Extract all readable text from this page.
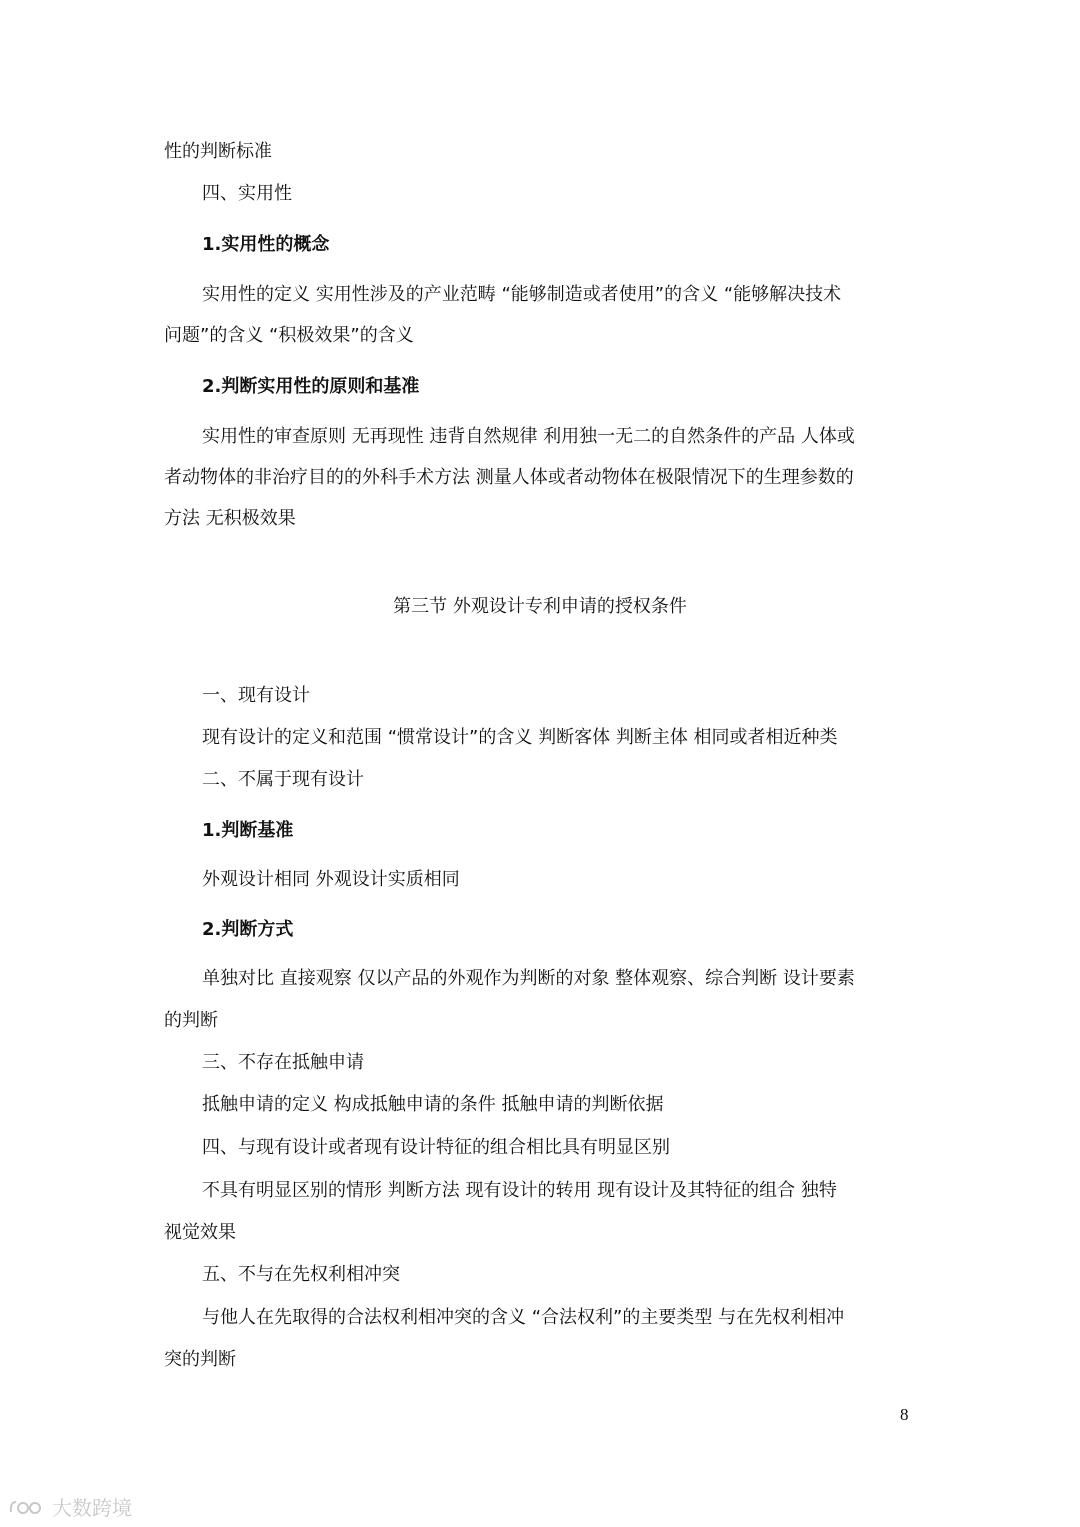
性的判断标准
四、实用性
1.实用性的概念
实用性的定义 实用性涉及的产业范畴 “能够制造或者使用”的含义 “能够解决技术
问题”的含义 “积极效果”的含义
2.判断实用性的原则和基准
实用性的审查原则 无再现性 违背自然规律 利用独一无二的自然条件的产品 人体或
者动物体的非治疗目的的外科手术方法 测量人体或者动物体在极限情况下的生理参数的
方法 无积极效果
第三节 外观设计专利申请的授权条件
一、现有设计
现有设计的定义和范围 “惯常设计”的含义 判断客体 判断主体 相同或者相近种类
二、不属于现有设计
1.判断基准
外观设计相同 外观设计实质相同
2.判断方式
单独对比 直接观察 仅以产品的外观作为判断的对象 整体观察、综合判断 设计要素
的判断
三、不存在抵触申请
抵触申请的定义 构成抵触申请的条件 抵触申请的判断依据
四、与现有设计或者现有设计特征的组合相比具有明显区别
不具有明显区别的情形 判断方法 现有设计的转用 现有设计及其特征的组合 独特
视觉效果
五、不与在先权利相冲突
与他人在先取得的合法权利相冲突的含义 “合法权利”的主要类型 与在先权利相冲
突的判断
8
大数跨境
